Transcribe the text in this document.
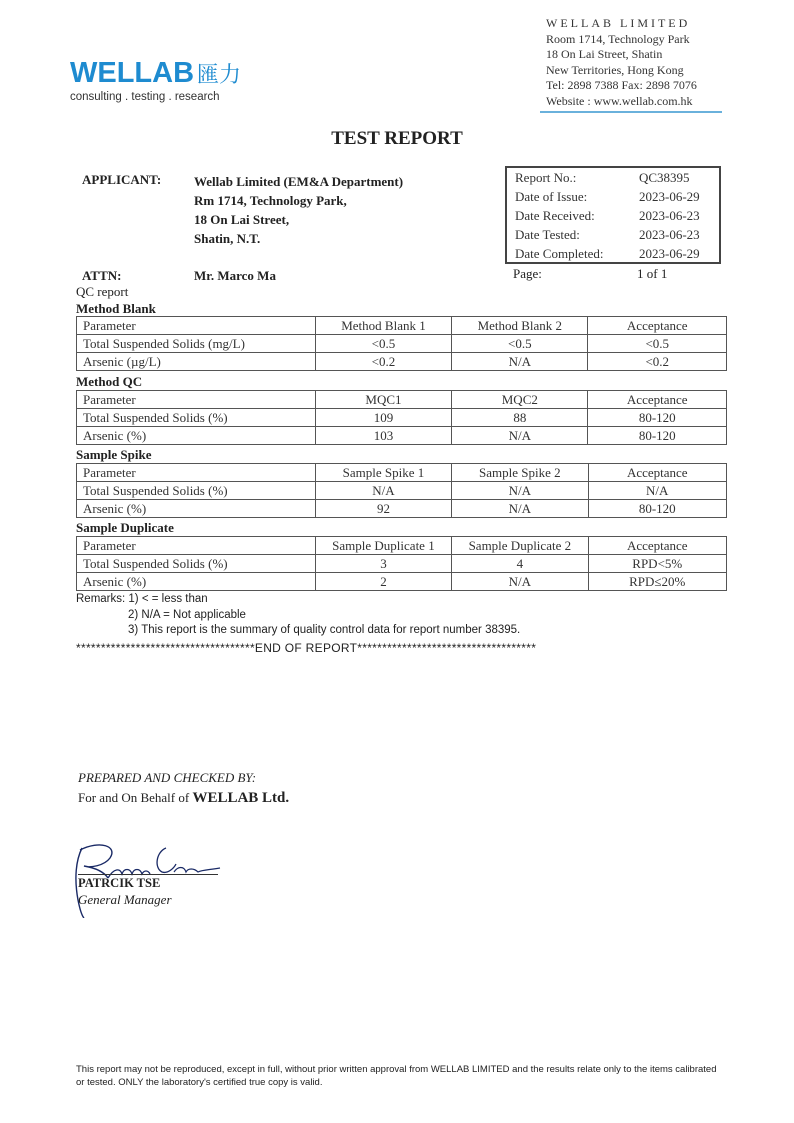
WELLAB 匯力
consulting . testing . research
WELLAB LIMITED
Room 1714, Technology Park
18 On Lai Street, Shatin
New Territories, Hong Kong
Tel: 2898 7388 Fax: 2898 7076
Website : www.wellab.com.hk
TEST REPORT
APPLICANT:	Wellab Limited (EM&A Department)
Rm 1714, Technology Park,
18 On Lai Street,
Shatin, N.T.
ATTN:	Mr. Marco Ma
Report No.:	QC38395
Date of Issue:	2023-06-29
Date Received:	2023-06-23
Date Tested:	2023-06-23
Date Completed:	2023-06-29
Page:	1 of 1
QC report
Method Blank
Parameter	Method Blank 1	Method Blank 2	Acceptance
Total Suspended Solids (mg/L)	<0.5	<0.5	<0.5
Arsenic (µg/L)	<0.2	N/A	<0.2
Method QC
Parameter	MQC1	MQC2	Acceptance
Total Suspended Solids (%)	109	88	80-120
Arsenic (%)	103	N/A	80-120
Sample Spike
Parameter	Sample Spike 1	Sample Spike 2	Acceptance
Total Suspended Solids (%)	N/A	N/A	N/A
Arsenic (%)	92	N/A	80-120
Sample Duplicate
Parameter	Sample Duplicate 1	Sample Duplicate 2	Acceptance
Total Suspended Solids (%)	3	4	RPD<5%
Arsenic (%)	2	N/A	RPD≤20%
Remarks: 1) < = less than
2) N/A = Not applicable
3) This report is the summary of quality control data for report number 38395.
************************************END OF REPORT************************************
PREPARED AND CHECKED BY:
For and On Behalf of WELLAB Ltd.
PATRCIK TSE
General Manager
This report may not be reproduced, except in full, without prior written approval from WELLAB LIMITED and the results relate only to the items calibrated or tested. ONLY the laboratory's certified true copy is valid.
